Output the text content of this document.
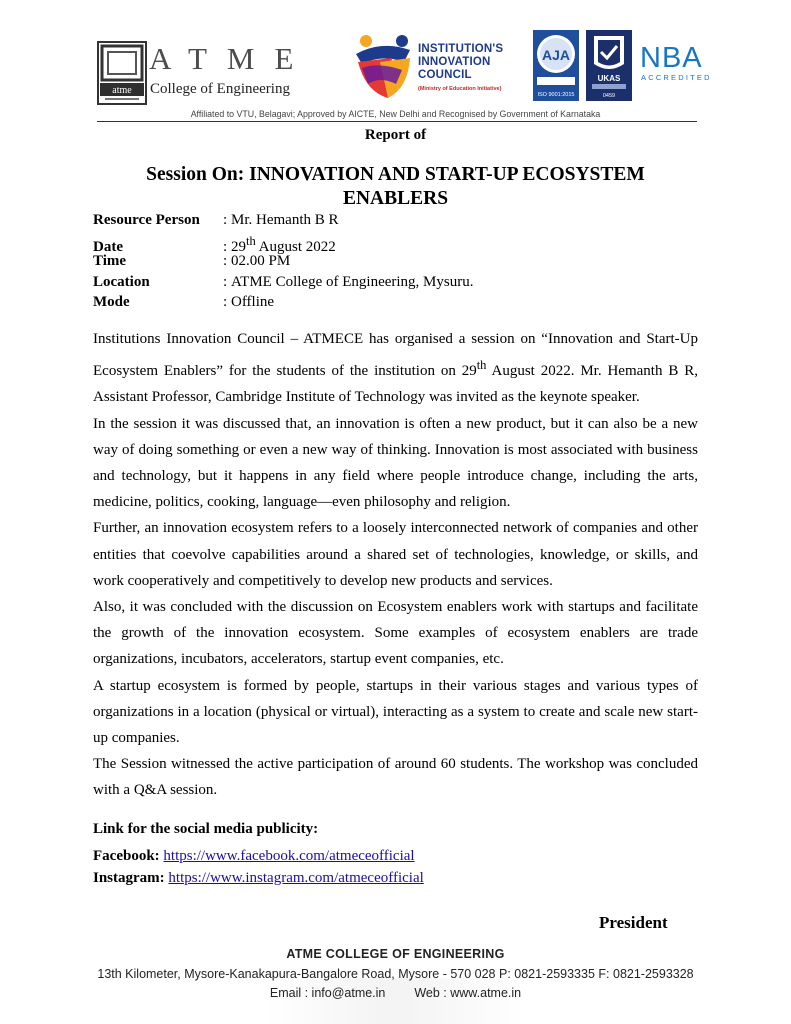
atme
ATME
College of Engineering
INSTITUTION'S
INNOVATION
COUNCIL
(Ministry of Education Initiative)
AJA
ISO 9001:2015
UKAS
0459
NBA
ACCREDITED
Affiliated to VTU, Belagavi; Approved by AICTE, New Delhi and Recognised by Government of Karnataka
Report of
Session On: INNOVATION AND START-UP ECOSYSTEM ENABLERS
Resource Person : Mr. Hemanth B R
Date	: 29th August 2022
Time	: 02.00 PM
Location	: ATME College of Engineering, Mysuru.
Mode	: Offline

Institutions Innovation Council – ATMECE has organised a session on “Innovation and Start-Up Ecosystem Enablers” for the students of the institution on 29th August 2022. Mr. Hemanth B R, Assistant Professor, Cambridge Institute of Technology was invited as the keynote speaker.

In the session it was discussed that, an innovation is often a new product, but it can also be a new way of doing something or even a new way of thinking. Innovation is most associated with business and technology, but it happens in any field where people introduce change, including the arts, medicine, politics, cooking, language—even philosophy and religion.

Further, an innovation ecosystem refers to a loosely interconnected network of companies and other entities that coevolve capabilities around a shared set of technologies, knowledge, or skills, and work cooperatively and competitively to develop new products and services.

Also, it was concluded with the discussion on Ecosystem enablers work with startups and facilitate the growth of the innovation ecosystem. Some examples of ecosystem enablers are trade organizations, incubators, accelerators, startup event companies, etc.

A startup ecosystem is formed by people, startups in their various stages and various types of organizations in a location (physical or virtual), interacting as a system to create and scale new start-up companies.

The Session witnessed the active participation of around 60 students. The workshop was concluded with a Q&A session.

Link for the social media publicity:
Facebook: https://www.facebook.com/atmeceofficial
Instagram: https://www.instagram.com/atmeceofficial
President
ATME COLLEGE OF ENGINEERING
13th Kilometer, Mysore-Kanakapura-Bangalore Road, Mysore - 570 028 P: 0821-2593335 F: 0821-2593328
Email : info@atme.in Web : www.atme.in
